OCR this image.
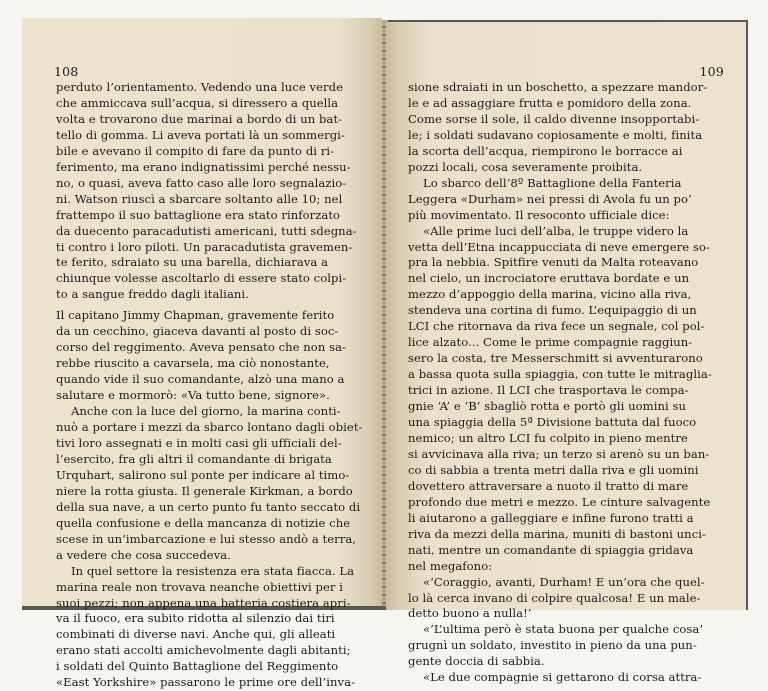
108
perduto l’orientamento. Vedendo una luce verde
che ammiccava sull’acqua, si diressero a quella
volta e trovarono due marinai a bordo di un bat-
tello di gomma. Li aveva portati là un sommergi-
bile e avevano il compito di fare da punto di ri-
ferimento, ma erano indignatissimi perché nessu-
no, o quasi, aveva fatto caso alle loro segnalazio-
ni. Watson riuscì a sbarcare soltanto alle 10; nel
frattempo il suo battaglione era stato rinforzato
da duecento paracadutisti americani, tutti sdegna-
ti contro i loro piloti. Un paracadutista gravemen-
te ferito, sdraiato su una barella, dichiarava a
chiunque volesse ascoltarlo di essere stato colpi-
to a sangue freddo dagli italiani.
Il capitano Jimmy Chapman, gravemente ferito
da un cecchino, giaceva davanti al posto di soc-
corso del reggimento. Aveva pensato che non sa-
rebbe riuscito a cavarsela, ma ciò nonostante,
quando vide il suo comandante, alzò una mano a
salutare e mormorò: «Va tutto bene, signore».
Anche con la luce del giorno, la marina conti-
nuò a portare i mezzi da sbarco lontano dagli obiet-
tivi loro assegnati e in molti casi gli ufficiali del-
l’esercito, fra gli altri il comandante di brigata
Urquhart, salirono sul ponte per indicare al timo-
niere la rotta giusta. Il generale Kirkman, a bordo
della sua nave, a un certo punto fu tanto seccato di
quella confusione e della mancanza di notizie che
scese in un’imbarcazione e lui stesso andò a terra,
a vedere che cosa succedeva.
In quel settore la resistenza era stata fiacca. La
marina reale non trovava neanche obiettivi per i
suoi pezzi; non appena una batteria costiera apri-
va il fuoco, era subito ridotta al silenzio dai tiri
combinati di diverse navi. Anche qui, gli alleati
erano stati accolti amichevolmente dagli abitanti;
i soldati del Quinto Battaglione del Reggimento
«East Yorkshire» passarono le prime ore dell’inva-
109
sione sdraiati in un boschetto, a spezzare mandor-
le e ad assaggiare frutta e pomidoro della zona.
Come sorse il sole, il caldo divenne insopportabi-
le; i soldati sudavano copiosamente e molti, finita
la scorta dell’acqua, riempirono le borracce ai
pozzi locali, cosa severamente proibita.
Lo sbarco dell’8º Battaglione della Fanteria
Leggera «Durham» nei pressi di Avola fu un po’
più movimentato. Il resoconto ufficiale dice:
«Alle prime luci dell’alba, le truppe videro la
vetta dell’Etna incappucciata di neve emergere so-
pra la nebbia. Spitfire venuti da Malta roteavano
nel cielo, un incrociatore eruttava bordate e un
mezzo d’appoggio della marina, vicino alla riva,
stendeva una cortina di fumo. L’equipaggio di un
LCI che ritornava da riva fece un segnale, col pol-
lice alzato... Come le prime compagnie raggiun-
sero la costa, tre Messerschmitt si avventurarono
a bassa quota sulla spiaggia, con tutte le mitraglia-
trici in azione. Il LCI che trasportava le compa-
gnie ‘A’ e ‘B’ sbagliò rotta e portò gli uomini su
una spiaggia della 5ª Divisione battuta dal fuoco
nemico; un altro LCI fu colpito in pieno mentre
si avvicinava alla riva; un terzo si arenò su un ban-
co di sabbia a trenta metri dalla riva e gli uomini
dovettero attraversare a nuoto il tratto di mare
profondo due metri e mezzo. Le cinture salvagente
li aiutarono a galleggiare e infine furono tratti a
riva da mezzi della marina, muniti di bastoni unci-
nati, mentre un comandante di spiaggia gridava
nel megafono:
«‘Coraggio, avanti, Durham! E un’ora che quel-
lo là cerca invano di colpire qualcosa! E un male-
detto buono a nulla!’
«‘L’ultima però è stata buona per qualche cosa’
grugnì un soldato, investito in pieno da una pun-
gente doccia di sabbia.
«Le due compagnie si gettarono di corsa attra-
